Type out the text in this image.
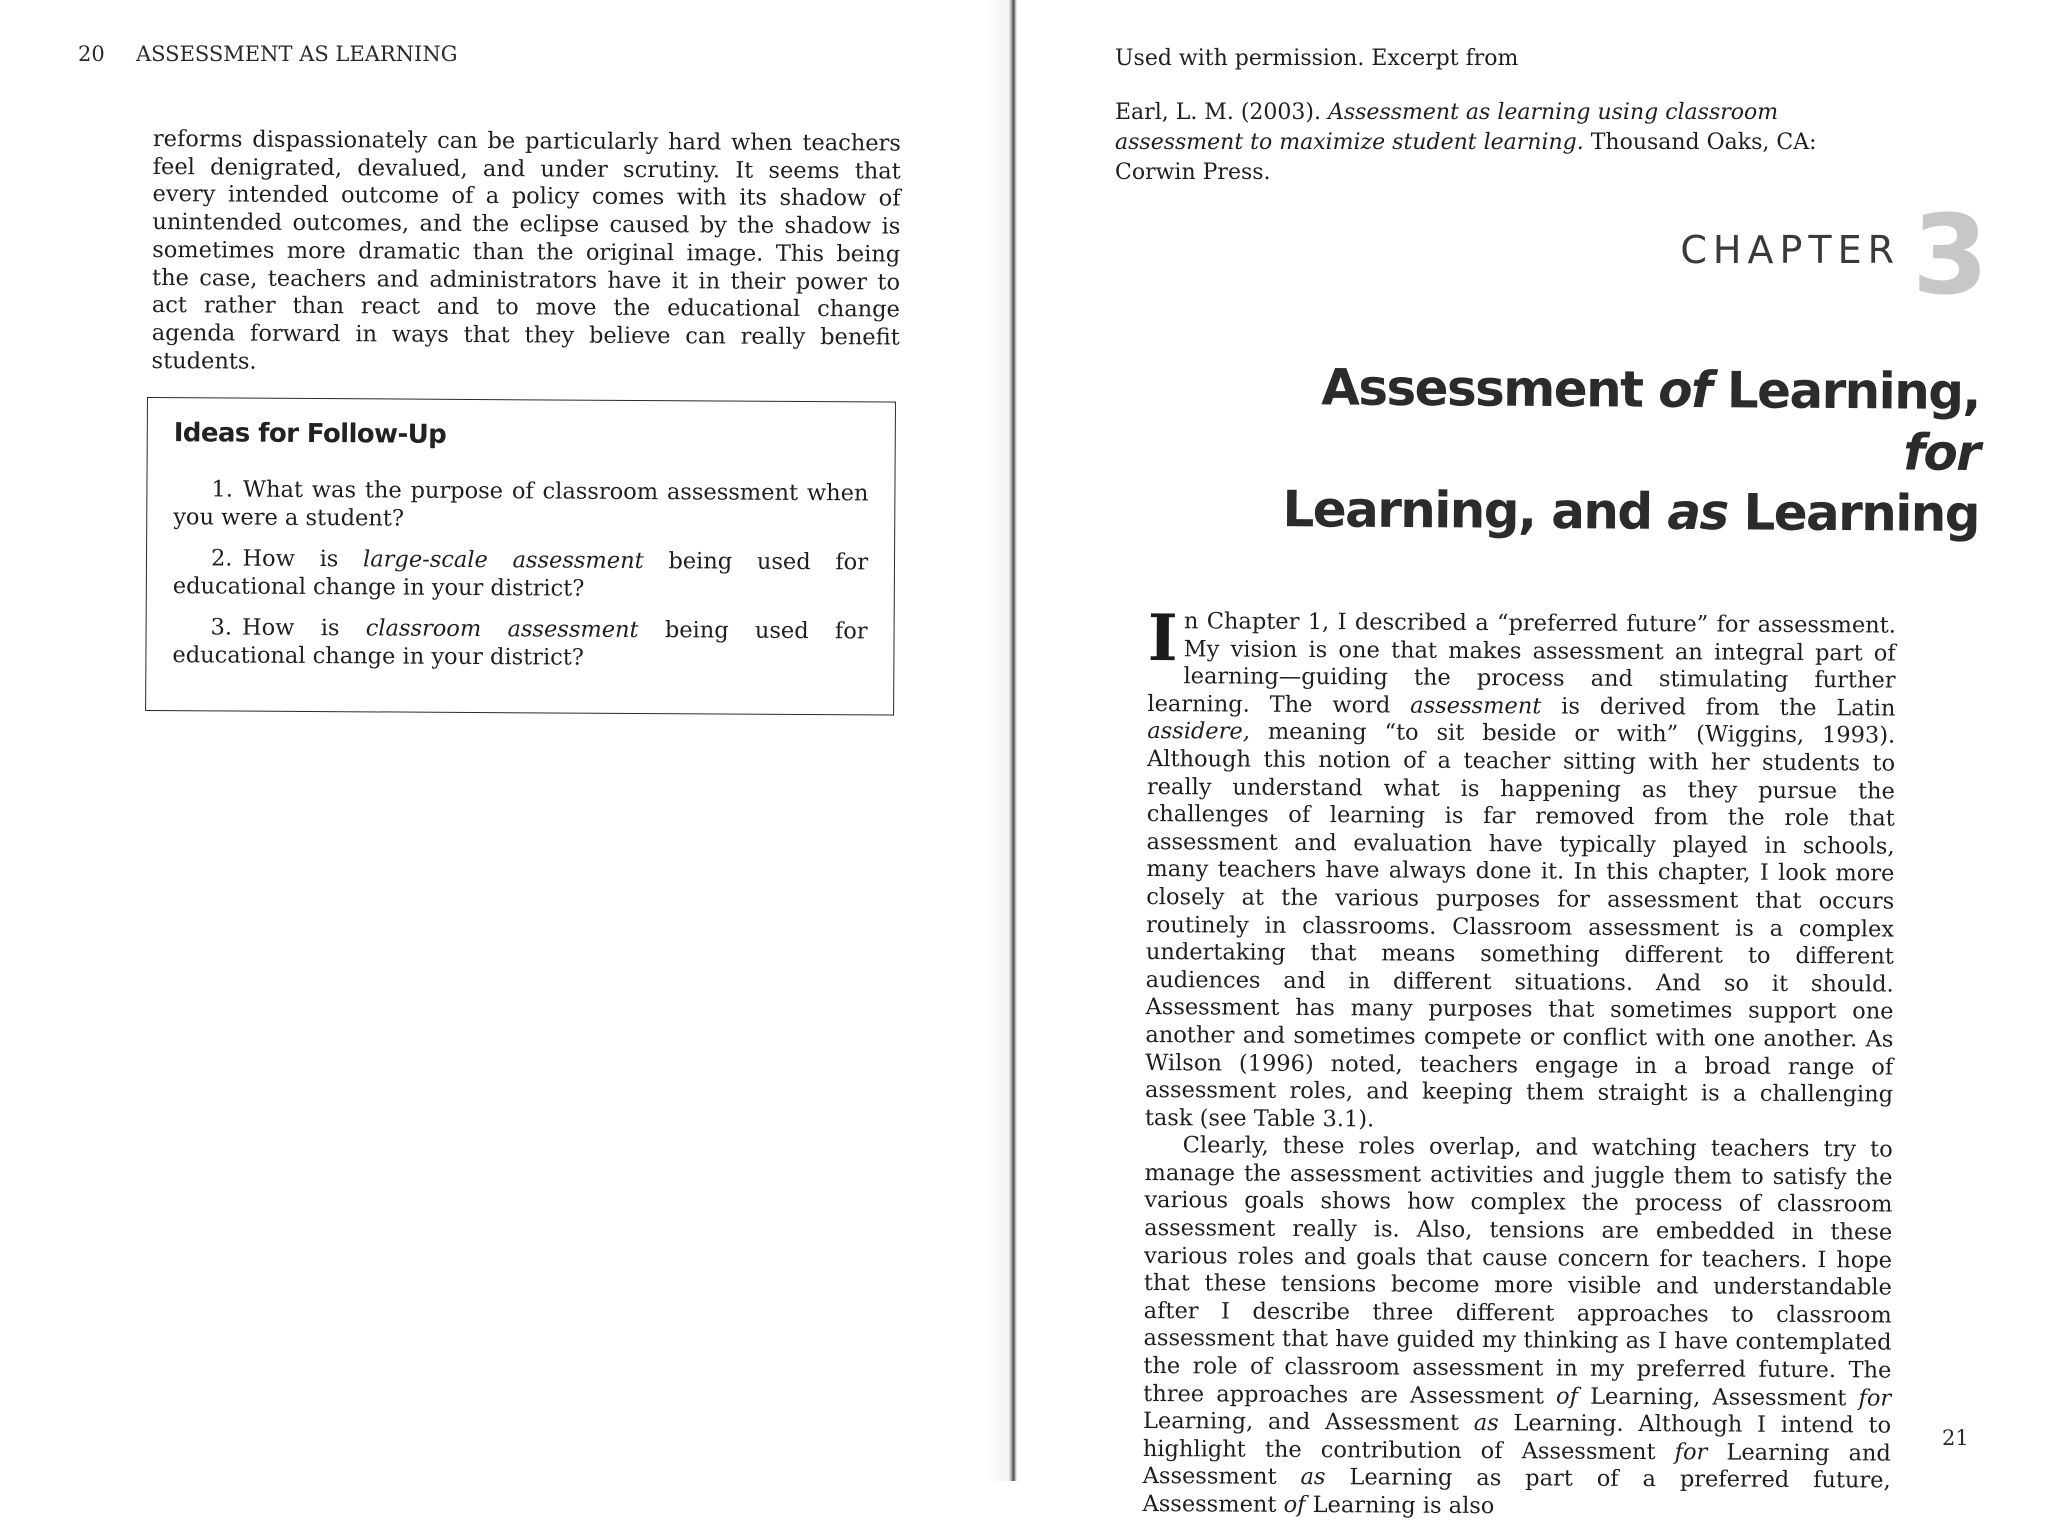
20 ASSESSMENT AS LEARNING

reforms dispassionately can be particularly hard when teachers feel denigrated, devalued, and under scrutiny. It seems that every intended outcome of a policy comes with its shadow of unintended outcomes, and the eclipse caused by the shadow is sometimes more dramatic than the original image. This being the case, teachers and administrators have it in their power to act rather than react and to move the educational change agenda forward in ways that they believe can really benefit students.

Ideas for Follow-Up

1. What was the purpose of classroom assessment when you were a student?

2. How is large-scale assessment being used for educational change in your district?

3. How is classroom assessment being used for educational change in your district?

Used with permission. Excerpt from
Earl, L. M. (2003). Assessment as learning using classroom assessment to maximize student learning. Thousand Oaks, CA: Corwin Press.
CHAPTER 3
Assessment of Learning, for
Learning, and as Learning

In Chapter 1, I described a “preferred future” for assessment. My vision is one that makes assessment an integral part of learning—guiding the process and stimulating further learning. The word assessment is derived from the Latin assidere, meaning “to sit beside or with” (Wiggins, 1993). Although this notion of a teacher sitting with her students to really understand what is happening as they pursue the challenges of learning is far removed from the role that assessment and evaluation have typically played in schools, many teachers have always done it. In this chapter, I look more closely at the various purposes for assessment that occurs routinely in classrooms. Classroom assessment is a complex undertaking that means something different to different audiences and in different situations. And so it should. Assessment has many purposes that sometimes support one another and sometimes compete or conflict with one another. As Wilson (1996) noted, teachers engage in a broad range of assessment roles, and keeping them straight is a challenging task (see Table 3.1).

Clearly, these roles overlap, and watching teachers try to manage the assessment activities and juggle them to satisfy the various goals shows how complex the process of classroom assessment really is. Also, tensions are embedded in these various roles and goals that cause concern for teachers. I hope that these tensions become more visible and understandable after I describe three different approaches to classroom assessment that have guided my thinking as I have contemplated the role of classroom assessment in my preferred future. The three approaches are Assessment of Learning, Assessment for Learning, and Assessment as Learning. Although I intend to highlight the contribution of Assessment for Learning and Assessment as Learning as part of a preferred future, Assessment of Learning is also

21
